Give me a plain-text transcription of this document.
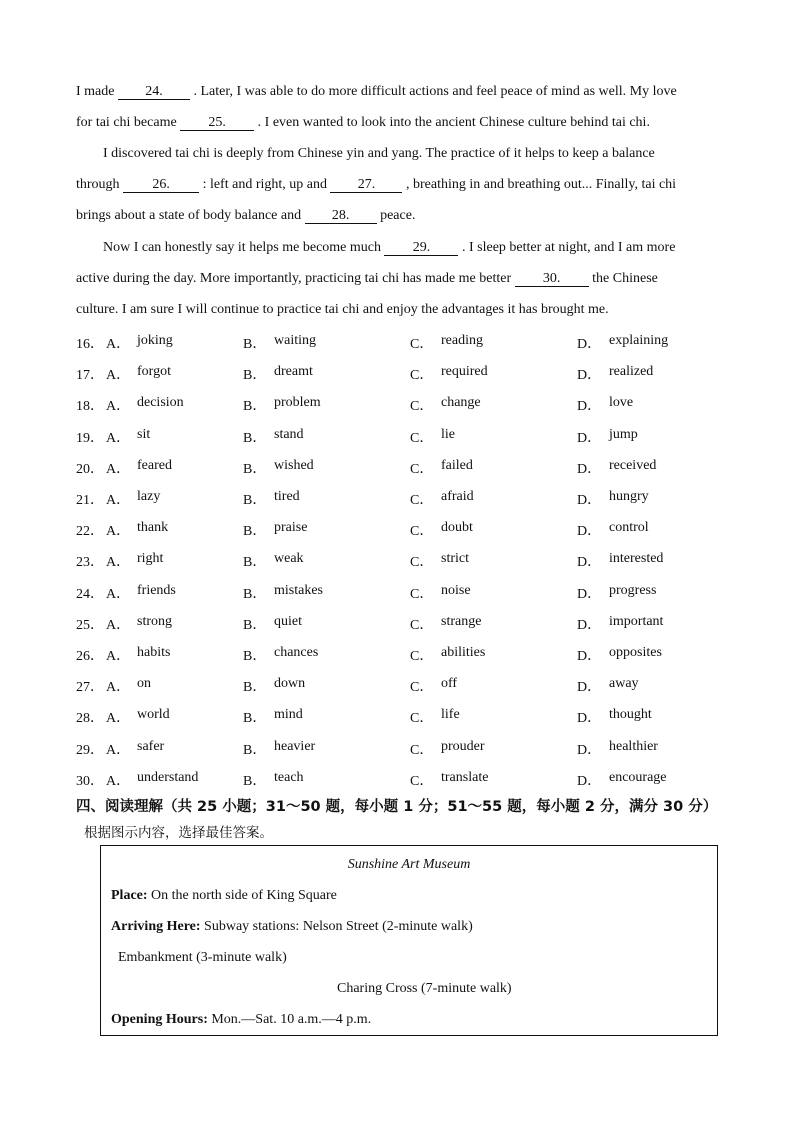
I made 24. . Later, I was able to do more difficult actions and feel peace of mind as well. My love
for tai chi became 25. . I even wanted to look into the ancient Chinese culture behind tai chi.
I discovered tai chi is deeply from Chinese yin and yang. The practice of it helps to keep a balance
through 26. : left and right, up and 27. , breathing in and breathing out... Finally, tai chi
brings about a state of body balance and 28. peace.
Now I can honestly say it helps me become much 29. . I sleep better at night, and I am more
active during the day. More importantly, practicing tai chi has made me better 30. the Chinese
culture. I am sure I will continue to practice tai chi and enjoy the advantages it has brought me.
16． A． joking	B． waiting	C． reading	D． explaining
17． A． forgot	B． dreamt	C． required	D． realized
18． A． decision	B． problem	C． change	D． love
19． A． sit	B． stand	C． lie	D． jump
20． A． feared	B． wished	C． failed	D． received
21． A． lazy	B． tired	C． afraid	D． hungry
22． A． thank	B． praise	C． doubt	D． control
23． A． right	B． weak	C． strict	D． interested
24． A． friends	B． mistakes	C． noise	D． progress
25． A． strong	B． quiet	C． strange	D． important
26． A． habits	B． chances	C． abilities	D． opposites
27． A． on	B． down	C． off	D． away
28． A． world	B． mind	C． life	D． thought
29． A． safer	B． heavier	C． prouder	D． healthier
30． A． understand	B． teach	C． translate	D． encourage
四、阅读理解（共 25 小题；31～50 题，每小题 1 分；51～55 题，每小题 2 分，满分 30 分）
根据图示内容，选择最佳答案。
Sunshine Art Museum
Place: On the north side of King Square
Arriving Here: Subway stations: Nelson Street (2-minute walk)
Embankment (3-minute walk)
Charing Cross (7-minute walk)
Opening Hours: Mon.—Sat. 10 a.m.—4 p.m.
